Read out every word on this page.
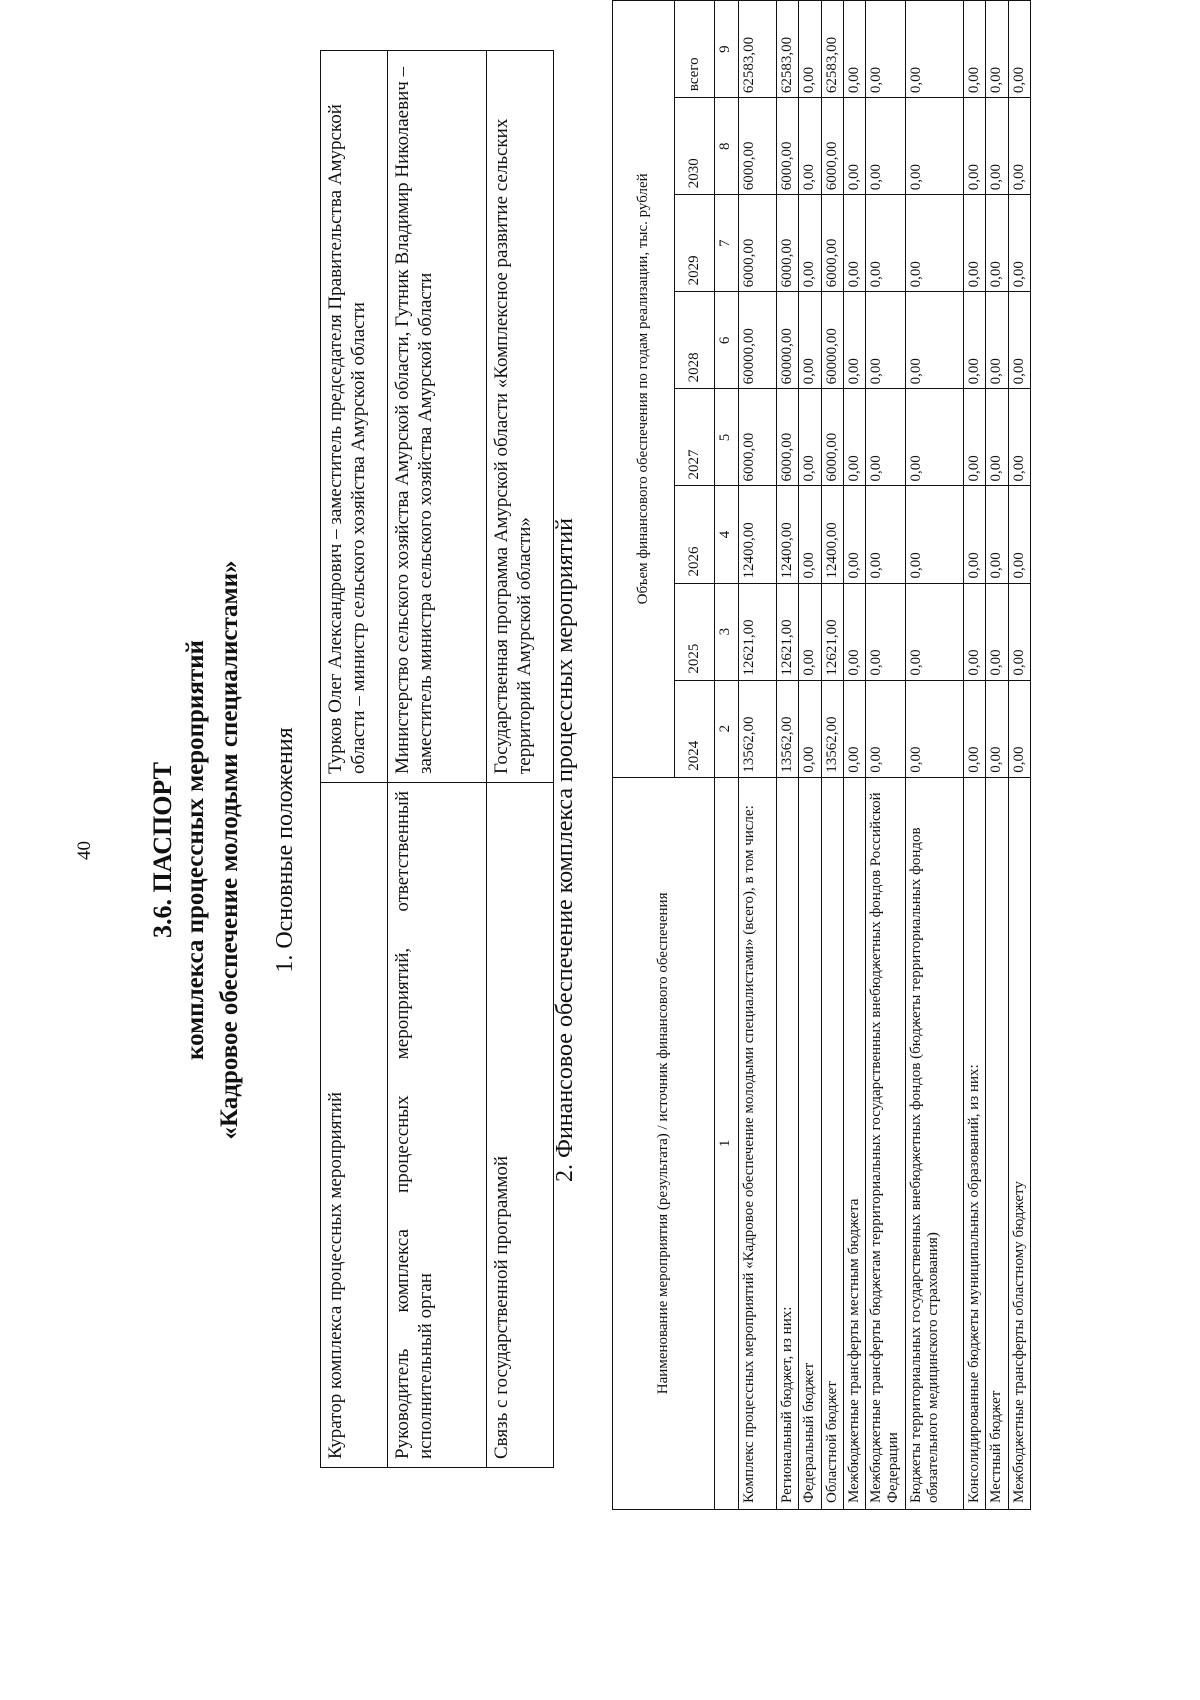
40 3.6. ПАСПОРТ комплекса процессных мероприятий «Кадровое обеспечение молодыми специалистами» 1. Основные положения
Куратор комплекса процессных мероприятий	Турков Олег Александрович – заместитель председателя Правительства Амурской области – министр сельского хозяйства Амурской области
Руководитель комплекса процессных мероприятий, ответственный исполнительный орган	Министерство сельского хозяйства Амурской области, Гутник Владимир Николаевич – заместитель министра сельского хозяйства Амурской области
Связь с государственной программой	Государственная программа Амурской области «Комплексное развитие сельских территорий Амурской области» 2. Финансовое обеспечение комплекса процессных мероприятий	Наименование мероприятия (результата) / источник финансового обеспечения	Объем финансового обеспечения по годам реализации, тыс. рублей							
	2024	2025	2026	2027	2028	2029	2030	всего
1	2	3	4	5	6	7	8	9
Комплекс процессных мероприятий «Кадровое обеспечение молодыми специалистами» (всего), в том числе:	13562,00	12621,00	12400,00	6000,00	60000,00	6000,00	6000,00	62583,00
Региональный бюджет, из них:	13562,00	12621,00	12400,00	6000,00	60000,00	6000,00	6000,00	62583,00
Федеральный бюджет	0,00	0,00	0,00	0,00	0,00	0,00	0,00	0,00
Областной бюджет	13562,00	12621,00	12400,00	6000,00	60000,00	6000,00	6000,00	62583,00
Межбюджетные трансферты местным бюджета	0,00	0,00	0,00	0,00	0,00	0,00	0,00	0,00
Межбюджетные трансферты бюджетам территориальных государственных внебюджетных фондов Российской Федерации	0,00	0,00	0,00	0,00	0,00	0,00	0,00	0,00
Бюджеты территориальных государственных внебюджетных фондов (бюджеты территориальных фондов обязательного медицинского страхования)	0,00	0,00	0,00	0,00	0,00	0,00	0,00	0,00
Консолидированные бюджеты муниципальных образований, из них:	0,00	0,00	0,00	0,00	0,00	0,00	0,00	0,00
Местный бюджет	0,00	0,00	0,00	0,00	0,00	0,00	0,00	0,00
Межбюджетные трансферты областному бюджету	0,00	0,00	0,00	0,00	0,00	0,00	0,00	0,00
